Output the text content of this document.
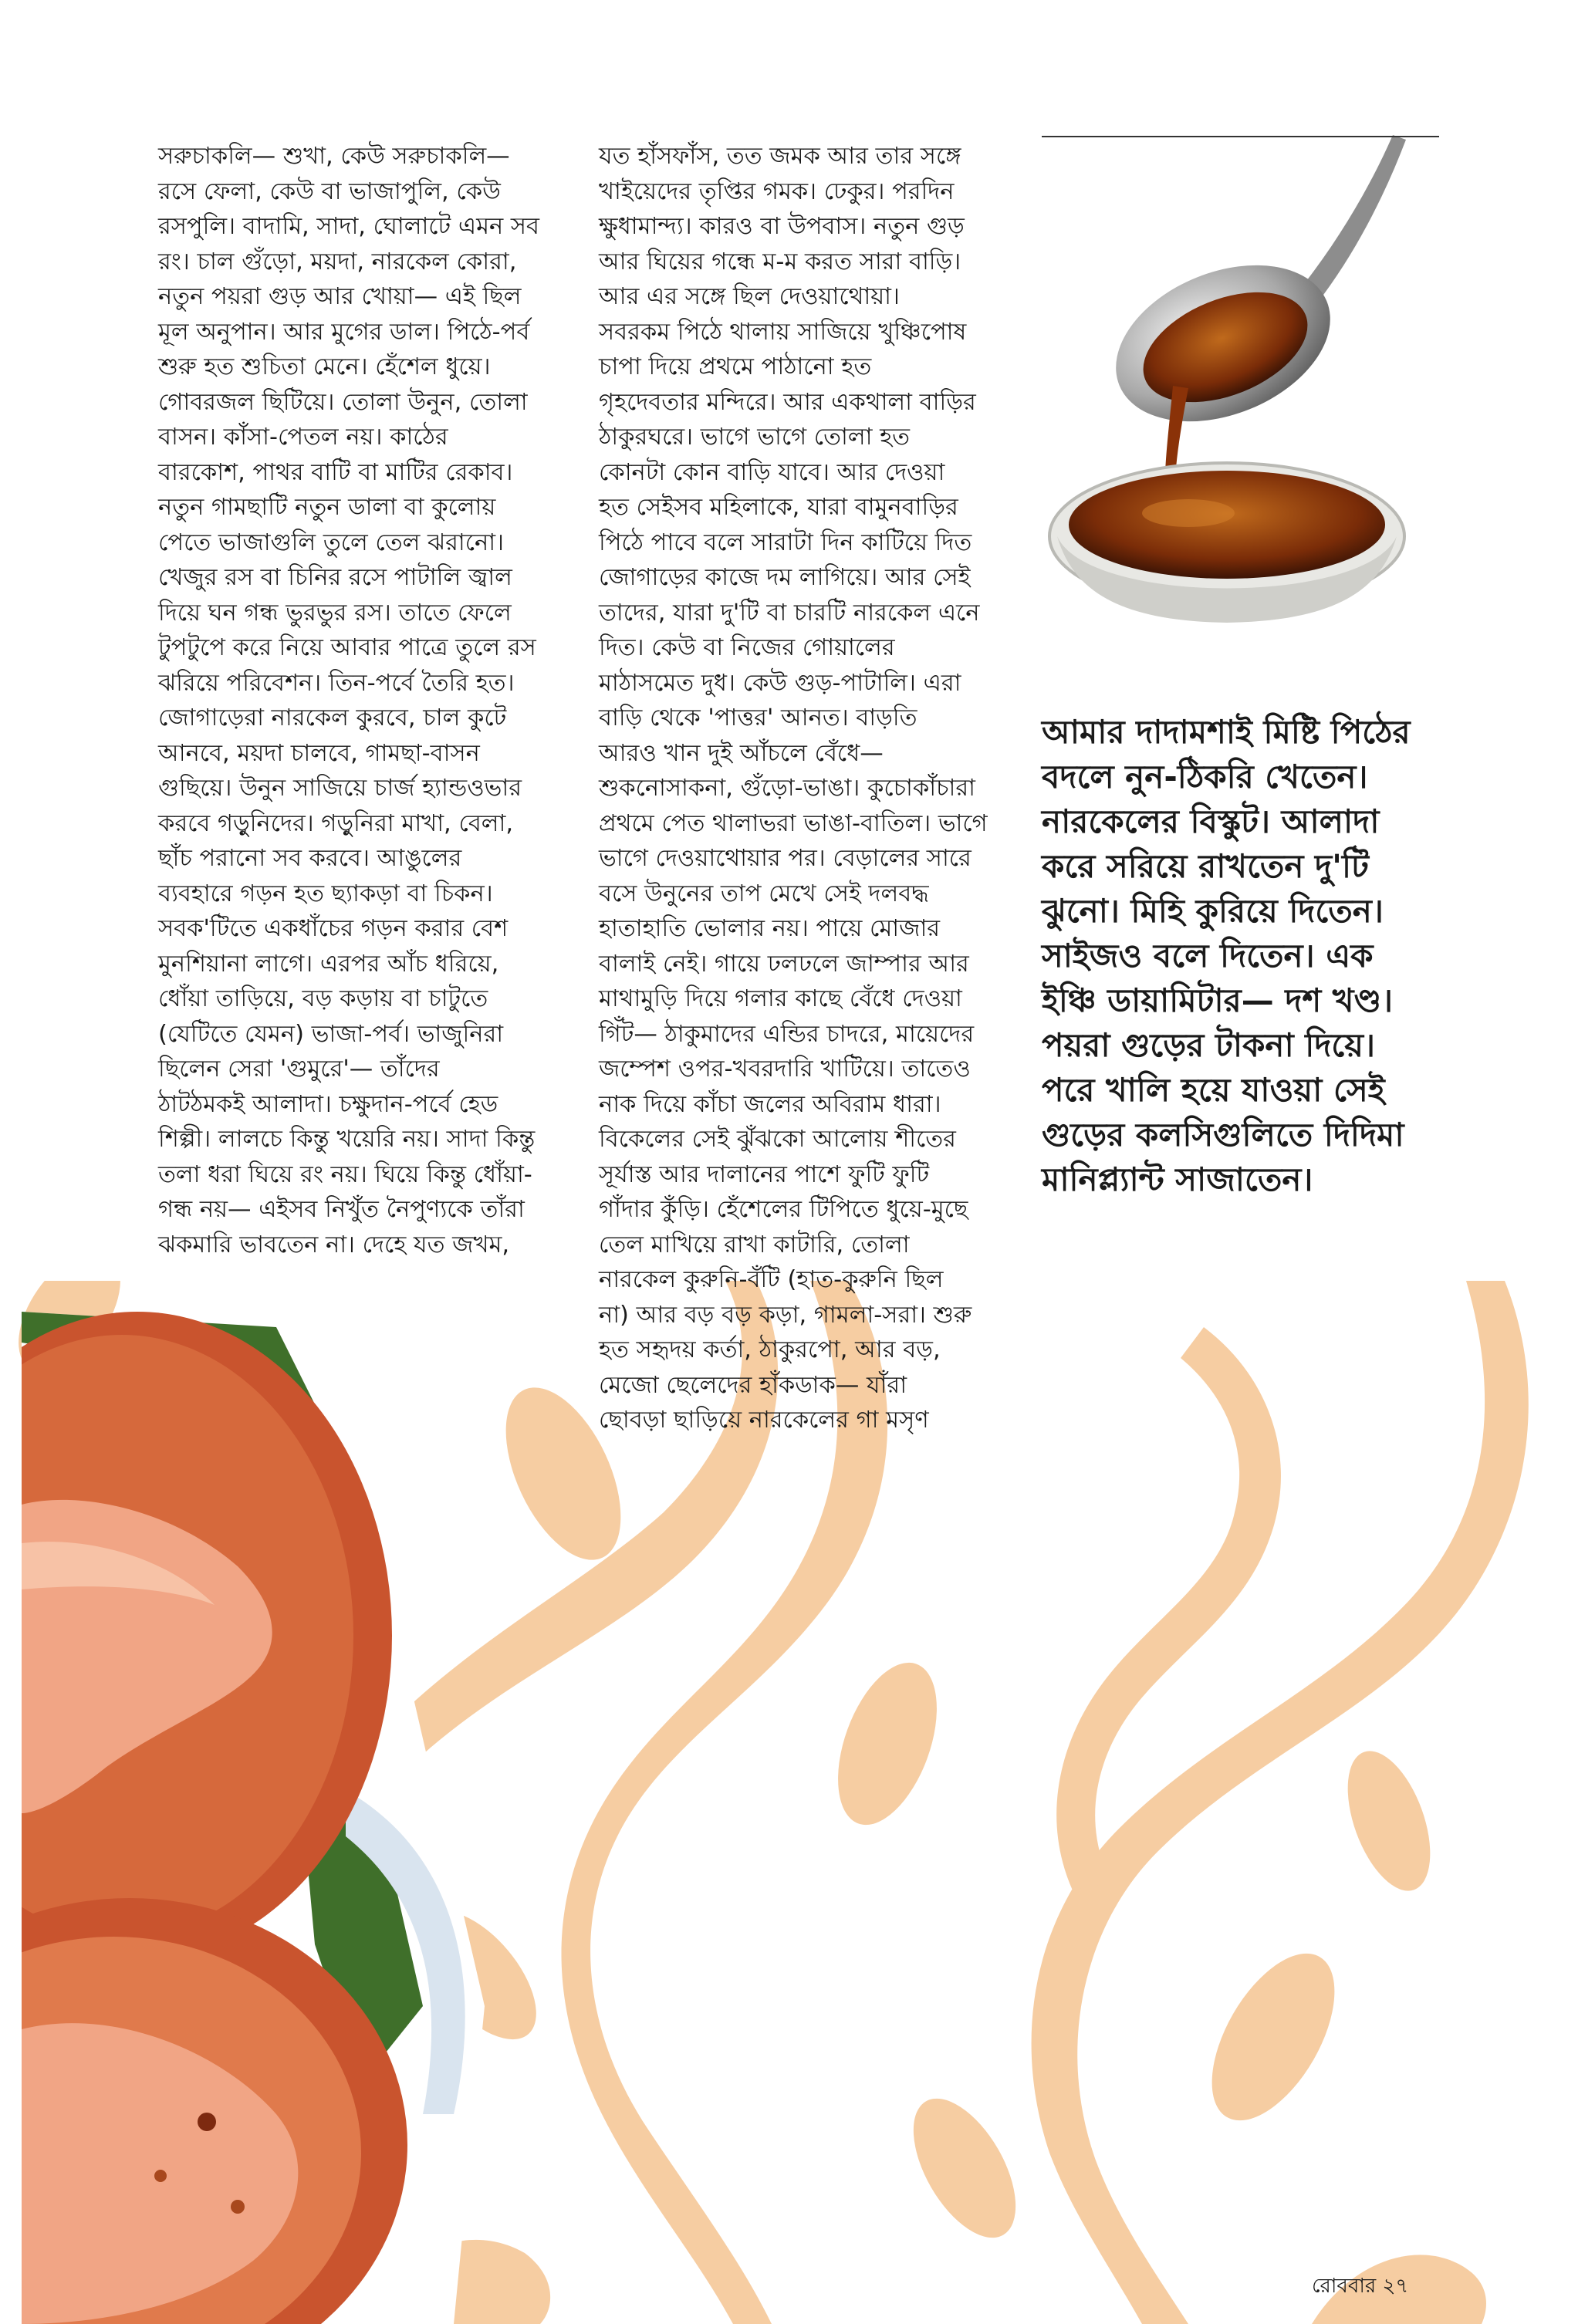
সরুচাকলি— শুখা, কেউ সরুচাকলি—
রসে ফেলা, কেউ বা ভাজাপুলি, কেউ
রসপুলি। বাদামি, সাদা, ঘোলাটে এমন সব
রং। চাল গুঁড়ো, ময়দা, নারকেল কোরা,
নতুন পয়রা গুড় আর খোয়া— এই ছিল
মূল অনুপান। আর মুগের ডাল। পিঠে-পর্ব
শুরু হত শুচিতা মেনে। হেঁশেল ধুয়ে।
গোবরজল ছিটিয়ে। তোলা উনুন, তোলা
বাসন। কাঁসা-পেতল নয়। কাঠের
বারকোশ, পাথর বাটি বা মাটির রেকাব।
নতুন গামছাটি নতুন ডালা বা কুলোয়
পেতে ভাজাগুলি তুলে তেল ঝরানো।
খেজুর রস বা চিনির রসে পাটালি জ্বাল
দিয়ে ঘন গন্ধ ভুরভুর রস। তাতে ফেলে
টুপটুপে করে নিয়ে আবার পাত্রে তুলে রস
ঝরিয়ে পরিবেশন। তিন-পর্বে তৈরি হত।
জোগাড়েরা নারকেল কুরবে, চাল কুটে
আনবে, ময়দা চালবে, গামছা-বাসন
গুছিয়ে। উনুন সাজিয়ে চার্জ হ্যান্ডওভার
করবে গড়ুনিদের। গড়ুনিরা মাখা, বেলা,
ছাঁচ পরানো সব করবে। আঙুলের
ব্যবহারে গড়ন হত ছ্যাকড়া বা চিকন।
সবক'টিতে একধাঁচের গড়ন করার বেশ
মুনশিয়ানা লাগে। এরপর আঁচ ধরিয়ে,
ধোঁয়া তাড়িয়ে, বড় কড়ায় বা চাটুতে
(যেটিতে যেমন) ভাজা-পর্ব। ভাজুনিরা
ছিলেন সেরা 'গুমুরে'— তাঁদের
ঠাটঠমকই আলাদা। চক্ষুদান-পর্বে হেড
শিল্পী। লালচে কিন্তু খয়েরি নয়। সাদা কিন্তু
তলা ধরা ঘিয়ে রং নয়। ঘিয়ে কিন্তু ধোঁয়া-
গন্ধ নয়— এইসব নিখুঁত নৈপুণ্যকে তাঁরা
ঝকমারি ভাবতেন না। দেহে যত জখম,
যত হাঁসফাঁস, তত জমক আর তার সঙ্গে
খাইয়েদের তৃপ্তির গমক। ঢেকুর। পরদিন
ক্ষুধামান্দ্য। কারও বা উপবাস। নতুন গুড়
আর ঘিয়ের গন্ধে ম-ম করত সারা বাড়ি।
আর এর সঙ্গে ছিল দেওয়াথোয়া।
সবরকম পিঠে থালায় সাজিয়ে খুঞ্চিপোষ
চাপা দিয়ে প্রথমে পাঠানো হত
গৃহদেবতার মন্দিরে। আর একথালা বাড়ির
ঠাকুরঘরে। ভাগে ভাগে তোলা হত
কোনটা কোন বাড়ি যাবে। আর দেওয়া
হত সেইসব মহিলাকে, যারা বামুনবাড়ির
পিঠে পাবে বলে সারাটা দিন কাটিয়ে দিত
জোগাড়ের কাজে দম লাগিয়ে। আর সেই
তাদের, যারা দু'টি বা চারটি নারকেল এনে
দিত। কেউ বা নিজের গোয়ালের
মাঠাসমেত দুধ। কেউ গুড়-পাটালি। এরা
বাড়ি থেকে 'পাত্তর' আনত। বাড়তি
আরও খান দুই আঁচলে বেঁধে—
শুকনোসাকনা, গুঁড়ো-ভাঙা। কুচোকাঁচারা
প্রথমে পেত থালাভরা ভাঙা-বাতিল। ভাগে
ভাগে দেওয়াথোয়ার পর। বেড়ালের সারে
বসে উনুনের তাপ মেখে সেই দলবদ্ধ
হাতাহাতি ভোলার নয়। পায়ে মোজার
বালাই নেই। গায়ে ঢলঢলে জাম্পার আর
মাথামুড়ি দিয়ে গলার কাছে বেঁধে দেওয়া
গিঁট— ঠাকুমাদের এন্ডির চাদরে, মায়েদের
জম্পেশ ওপর-খবরদারি খাটিয়ে। তাতেও
নাক দিয়ে কাঁচা জলের অবিরাম ধারা।
বিকেলের সেই ঝুঁঝকো আলোয় শীতের
সূর্যাস্ত আর দালানের পাশে ফুটি ফুটি
গাঁদার কুঁড়ি। হেঁশেলের টিপিতে ধুয়ে-মুছে
তেল মাখিয়ে রাখা কাটারি, তোলা
নারকেল কুরুনি-বঁটি (হাত-কুরুনি ছিল
না) আর বড় বড় কড়া, গামলা-সরা। শুরু
হত সহৃদয় কর্তা, ঠাকুরপো, আর বড়,
মেজো ছেলেদের হাঁকডাক— যাঁরা
ছোবড়া ছাড়িয়ে নারকেলের গা মসৃণ
আমার দাদামশাই মিষ্টি পিঠের
বদলে নুন-ঠিকরি খেতেন।
নারকেলের বিস্কুট। আলাদা
করে সরিয়ে রাখতেন দু'টি
ঝুনো। মিহি কুরিয়ে দিতেন।
সাইজও বলে দিতেন। এক
ইঞ্চি ডায়ামিটার— দশ খণ্ড।
পয়রা গুড়ের টাকনা দিয়ে।
পরে খালি হয়ে যাওয়া সেই
গুড়ের কলসিগুলিতে দিদিমা
মানিপ্ল্যান্ট সাজাতেন।
রোববার ২৭
